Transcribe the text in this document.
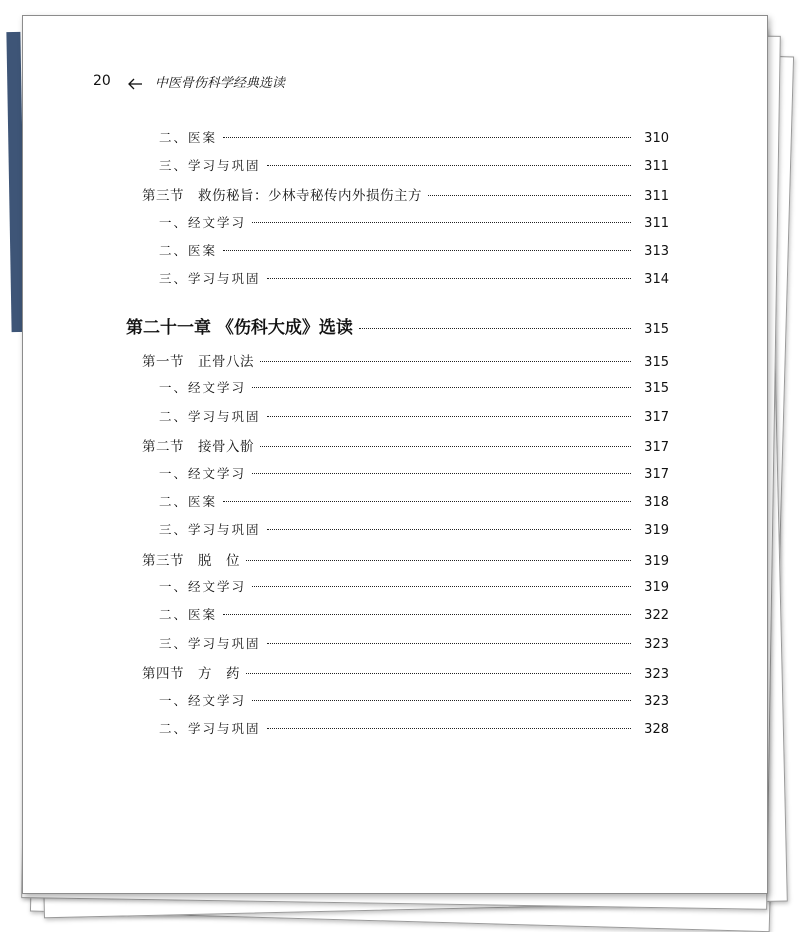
20	中医骨伤科学经典选读
二、医案	310
三、学习与巩固	311
第三节　救伤秘旨：少林寺秘传内外损伤主方	311
一、经文学习	311
二、医案	313
三、学习与巩固	314
第二十一章 《伤科大成》选读	315
第一节　正骨八法	315
一、经文学习	315
二、学习与巩固	317
第二节　接骨入骱	317
一、经文学习	317
二、医案	318
三、学习与巩固	319
第三节　脱　位	319
一、经文学习	319
二、医案	322
三、学习与巩固	323
第四节　方　药	323
一、经文学习	323
二、学习与巩固	328
